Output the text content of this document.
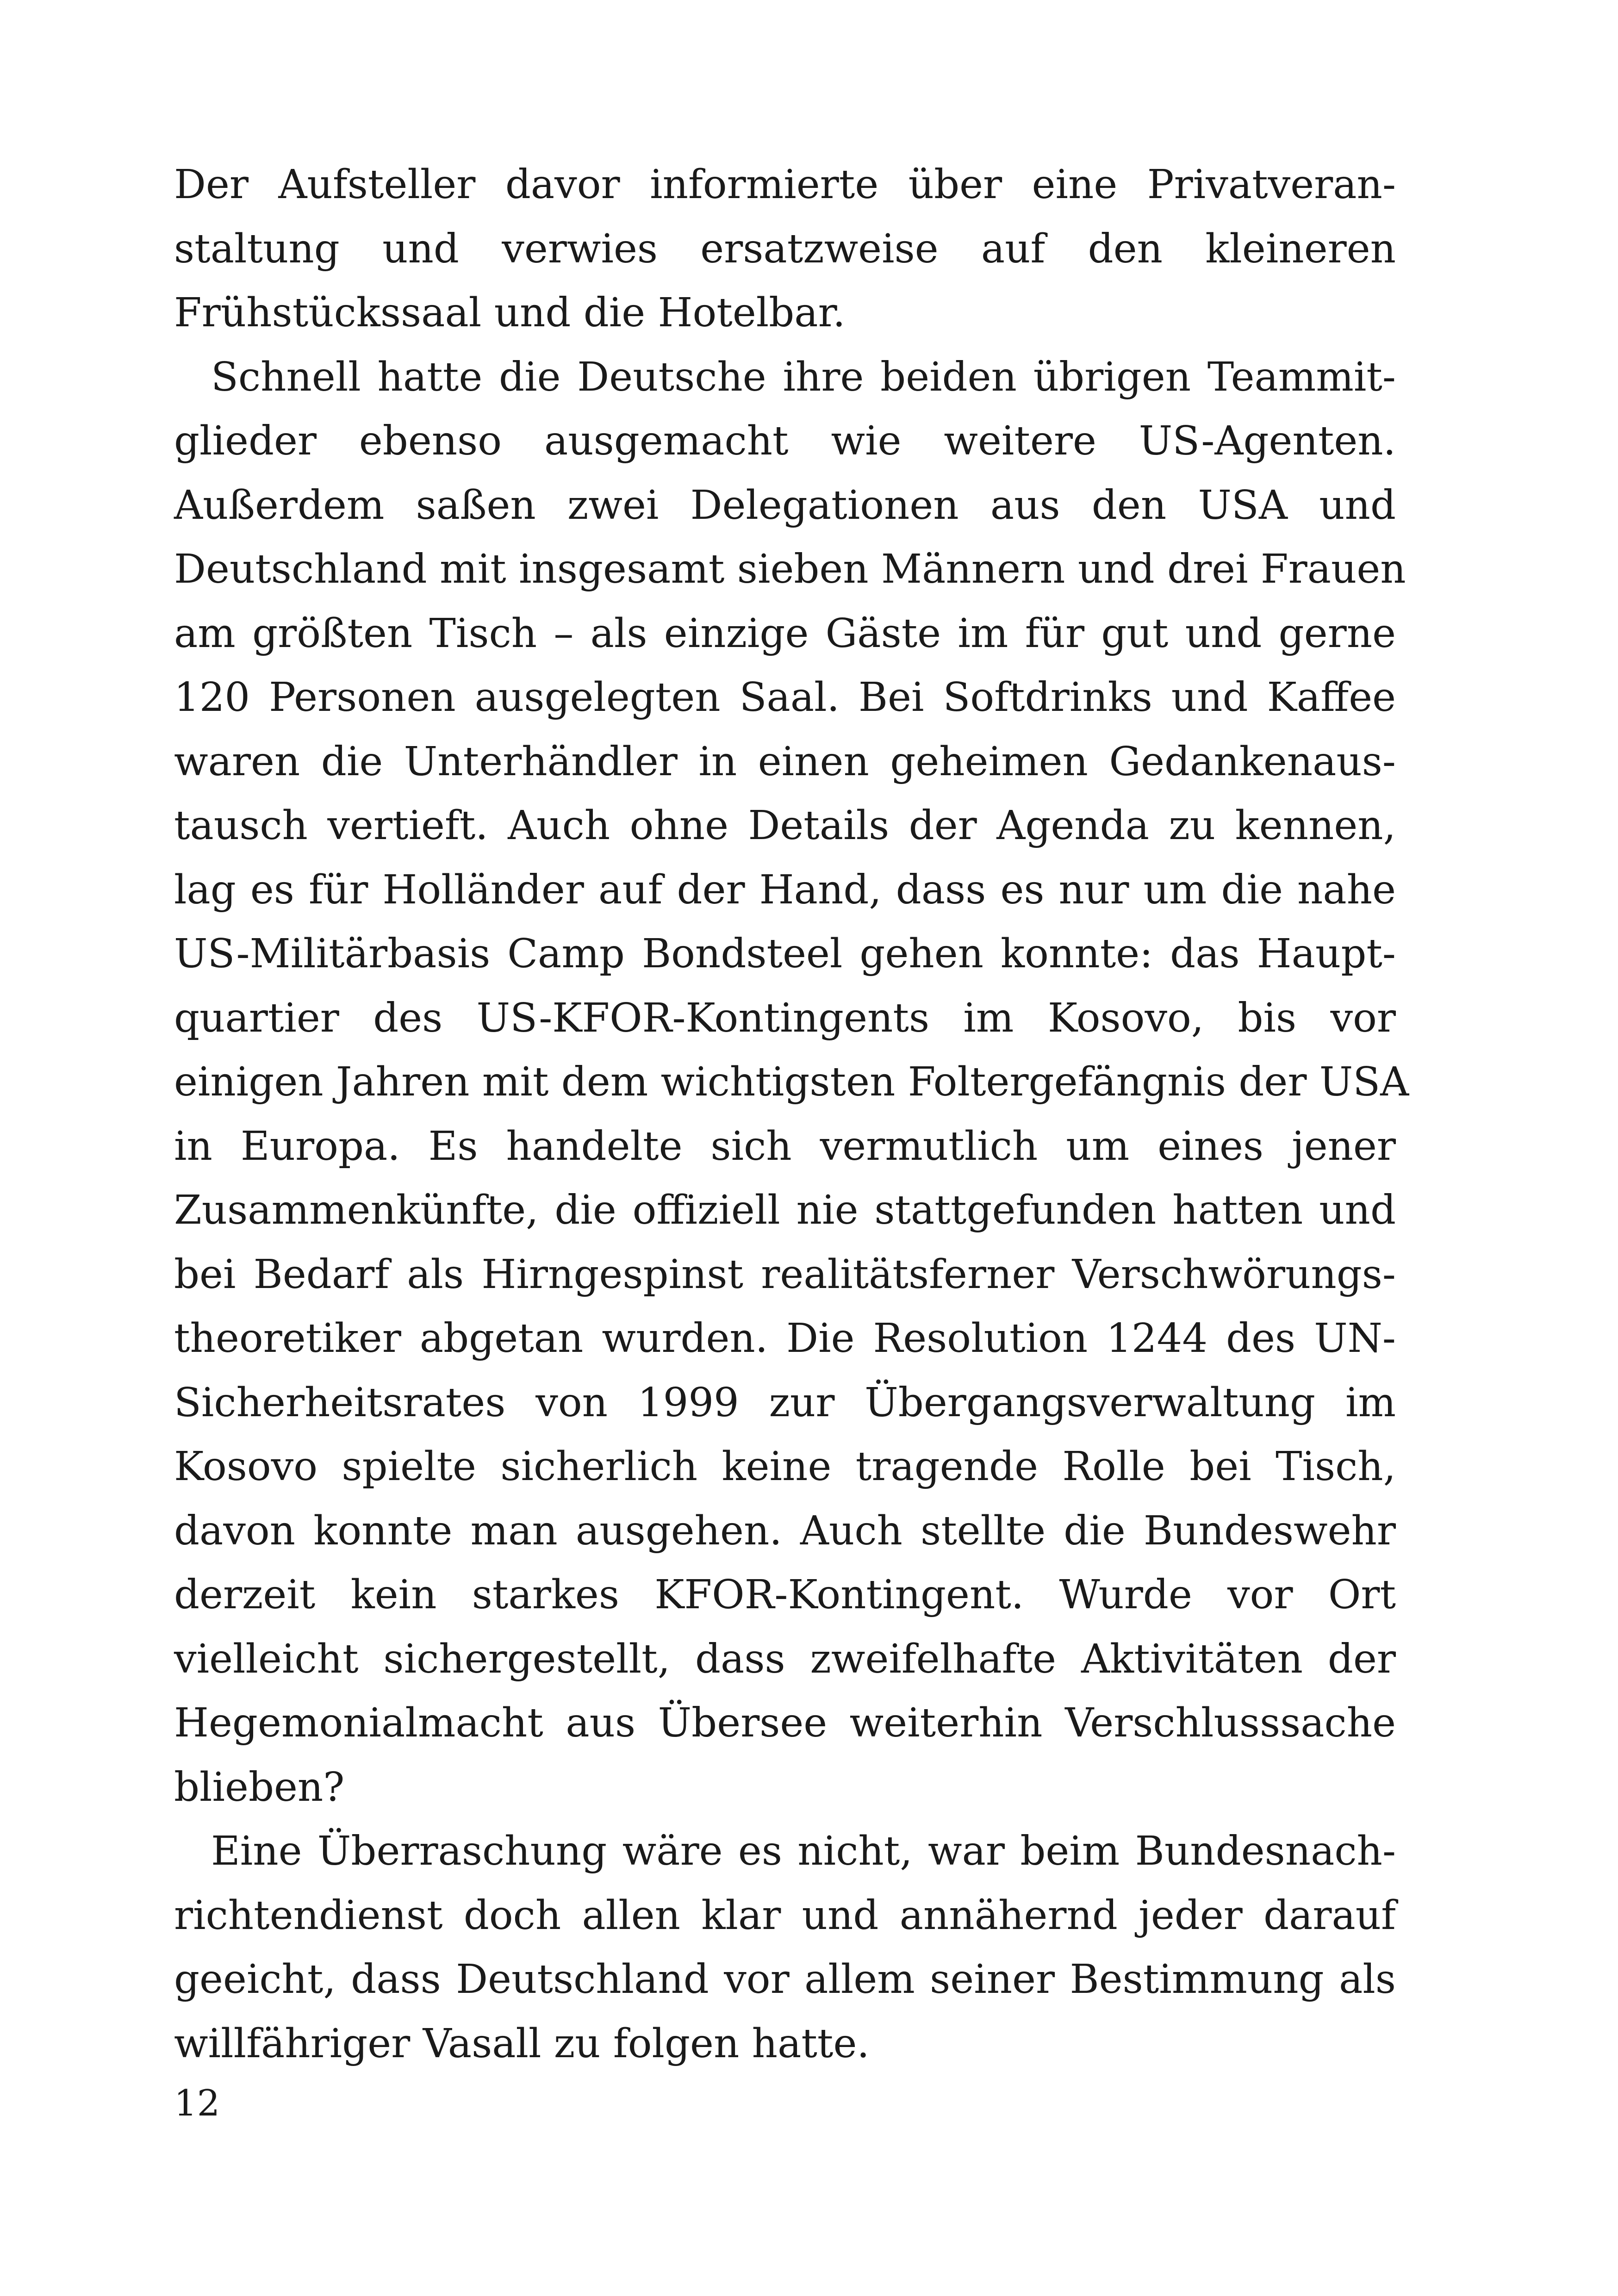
Der Aufsteller davor informierte über eine Privatveran-
staltung und verwies ersatzweise auf den kleineren
Frühstückssaal und die Hotelbar.
Schnell hatte die Deutsche ihre beiden übrigen Teammit-
glieder ebenso ausgemacht wie weitere US-Agenten.
Außerdem saßen zwei Delegationen aus den USA und
Deutschland mit insgesamt sieben Männern und drei Frauen
am größten Tisch – als einzige Gäste im für gut und gerne
120 Personen ausgelegten Saal. Bei Softdrinks und Kaffee
waren die Unterhändler in einen geheimen Gedankenaus-
tausch vertieft. Auch ohne Details der Agenda zu kennen,
lag es für Holländer auf der Hand, dass es nur um die nahe
US-Militärbasis Camp Bondsteel gehen konnte: das Haupt-
quartier des US-KFOR-Kontingents im Kosovo, bis vor
einigen Jahren mit dem wichtigsten Foltergefängnis der USA
in Europa. Es handelte sich vermutlich um eines jener
Zusammenkünfte, die offiziell nie stattgefunden hatten und
bei Bedarf als Hirngespinst realitätsferner Verschwörungs-
theoretiker abgetan wurden. Die Resolution 1244 des UN-
Sicherheitsrates von 1999 zur Übergangsverwaltung im
Kosovo spielte sicherlich keine tragende Rolle bei Tisch,
davon konnte man ausgehen. Auch stellte die Bundeswehr
derzeit kein starkes KFOR-Kontingent. Wurde vor Ort
vielleicht sichergestellt, dass zweifelhafte Aktivitäten der
Hegemonialmacht aus Übersee weiterhin Verschlusssache
blieben?
Eine Überraschung wäre es nicht, war beim Bundesnach-
richtendienst doch allen klar und annähernd jeder darauf
geeicht, dass Deutschland vor allem seiner Bestimmung als
willfähriger Vasall zu folgen hatte.
12
